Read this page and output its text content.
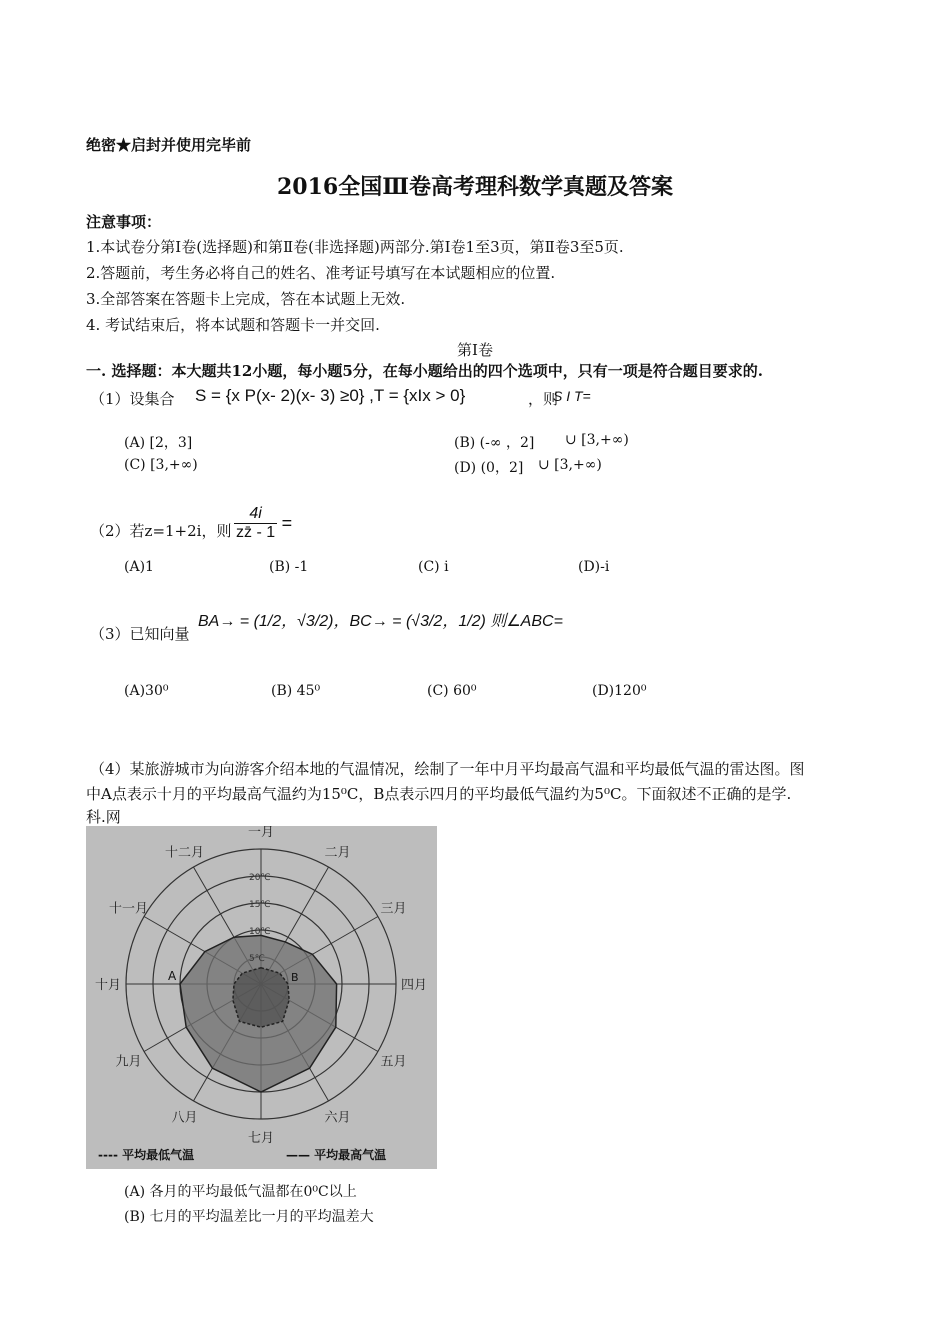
绝密★启封并使用完毕前
2016全国Ⅲ卷高考理科数学真题及答案
注意事项：
1.本试卷分第Ⅰ卷(选择题)和第Ⅱ卷(非选择题)两部分.第Ⅰ卷1至3页，第Ⅱ卷3至5页.
2.答题前，考生务必将自己的姓名、准考证号填写在本试题相应的位置.
3.全部答案在答题卡上完成，答在本试题上无效.
4. 考试结束后，将本试题和答题卡一并交回.
第Ⅰ卷
一. 选择题：本大题共12小题，每小题5分，在每小题给出的四个选项中，只有一项是符合题目要求的.
（1）设集合 S = {x P(x- 2)(x- 3) ≥0} ,T = {xIx > 0}	，则
S I T=
(A) [2，3]	(B) (-∞ ，2] ∪ [3,+∞)
(C) [3,+∞)	(D) (0，2] ∪ [3,+∞)
（2）若z=1+2i，则 $\frac{4i}{zz̄ - 1}$ =
(A)1	(B) -1	(C) i	(D)-i
（3）已知向量
BA→ = (1/2，√3/2)，BC→ = (√3/2，1/2) 则∠ABC=
(A)30⁰	(B) 45⁰	(C) 60⁰	(D)120⁰
（4）某旅游城市为向游客介绍本地的气温情况，绘制了一年中月平均最高气温和平均最低气温的雷达图。图
中A点表示十月的平均最高气温约为15⁰C，B点表示四月的平均最低气温约为5⁰C。下面叙述不正确的是学.
科.网
一月
二月
三月
四月
五月
六月
七月
八月
九月
十月
十一月
十二月
5℃
10℃
15℃
20℃
A	B
---- 平均最低气温	—— 平均最高气温
(A) 各月的平均最低气温都在0⁰C以上
(B) 七月的平均温差比一月的平均温差大
